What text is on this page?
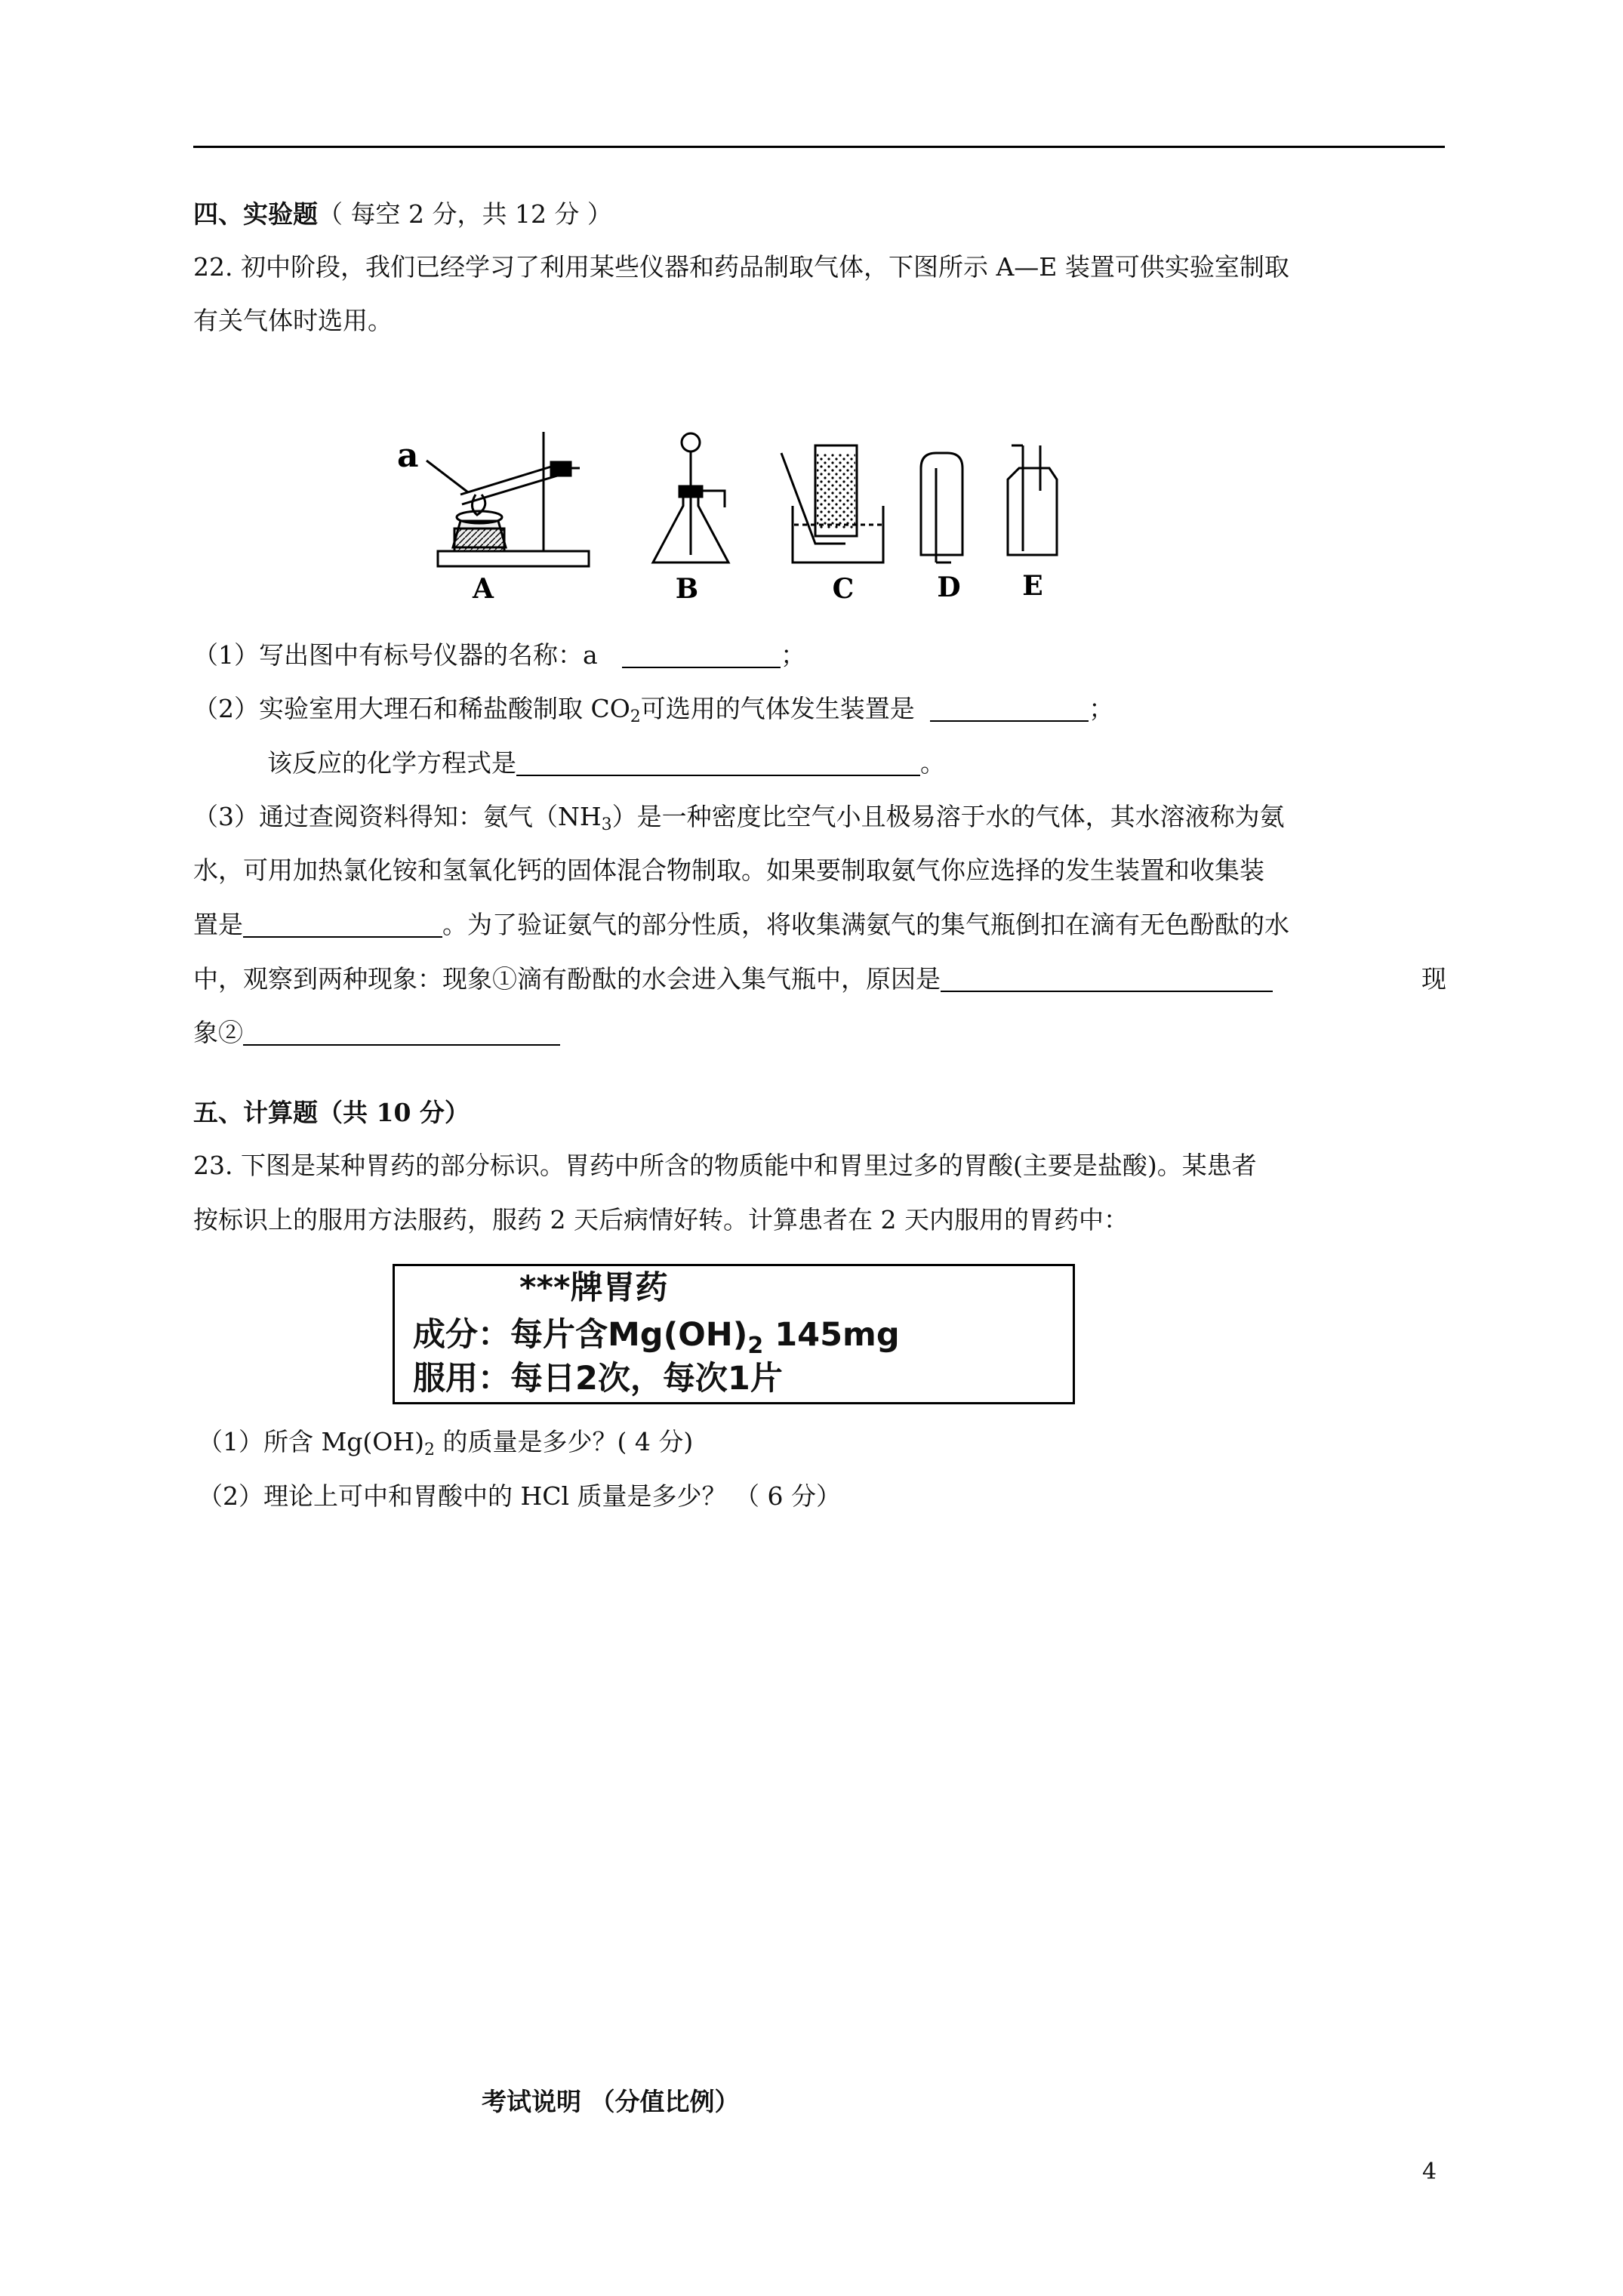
四、实验题（ 每空 2 分，共 12 分 ）
22. 初中阶段，我们已经学习了利用某些仪器和药品制取气体，下图所示 A—E 装置可供实验室制取
有关气体时选用。
a
A	B	C	D E
（1）写出图中有标号仪器的名称：a	；
（2）实验室用大理石和稀盐酸制取 $CO_2$可选用的气体发生装置是	；
该反应的化学方程式是	。
（3）通过查阅资料得知：氨气$(NH_3)$是一种密度比空气小且极易溶于水的气体，其水溶液称为氨
水，可用加热氯化铵和氢氧化钙的固体混合物制取。如果要制取氨气你应选择的发生装置和收集装
置是	。为了验证氨气的部分性质，将收集满氨气的集气瓶倒扣在滴有无色酚酞的水
中，观察到两种现象：现象①滴有酚酞的水会进入集气瓶中，原因是	现
象②
五、计算题（共 10 分）
23. 下图是某种胃药的部分标识。胃药中所含的物质能中和胃里过多的胃酸(主要是盐酸)。某患者
按标识上的服用方法服药，服药 2 天后病情好转。计算患者在 2 天内服用的胃药中：
***牌胃药
成分：每片含$Mg(OH)_2$ 145mg
服用：每日2次，每次1片
（1）所含 $Mg(OH)_2$ 的质量是多少？( 4 分)
（2）理论上可中和胃酸中的 HCl 质量是多少？ （ 6 分）
考试说明 （分值比例）
4
